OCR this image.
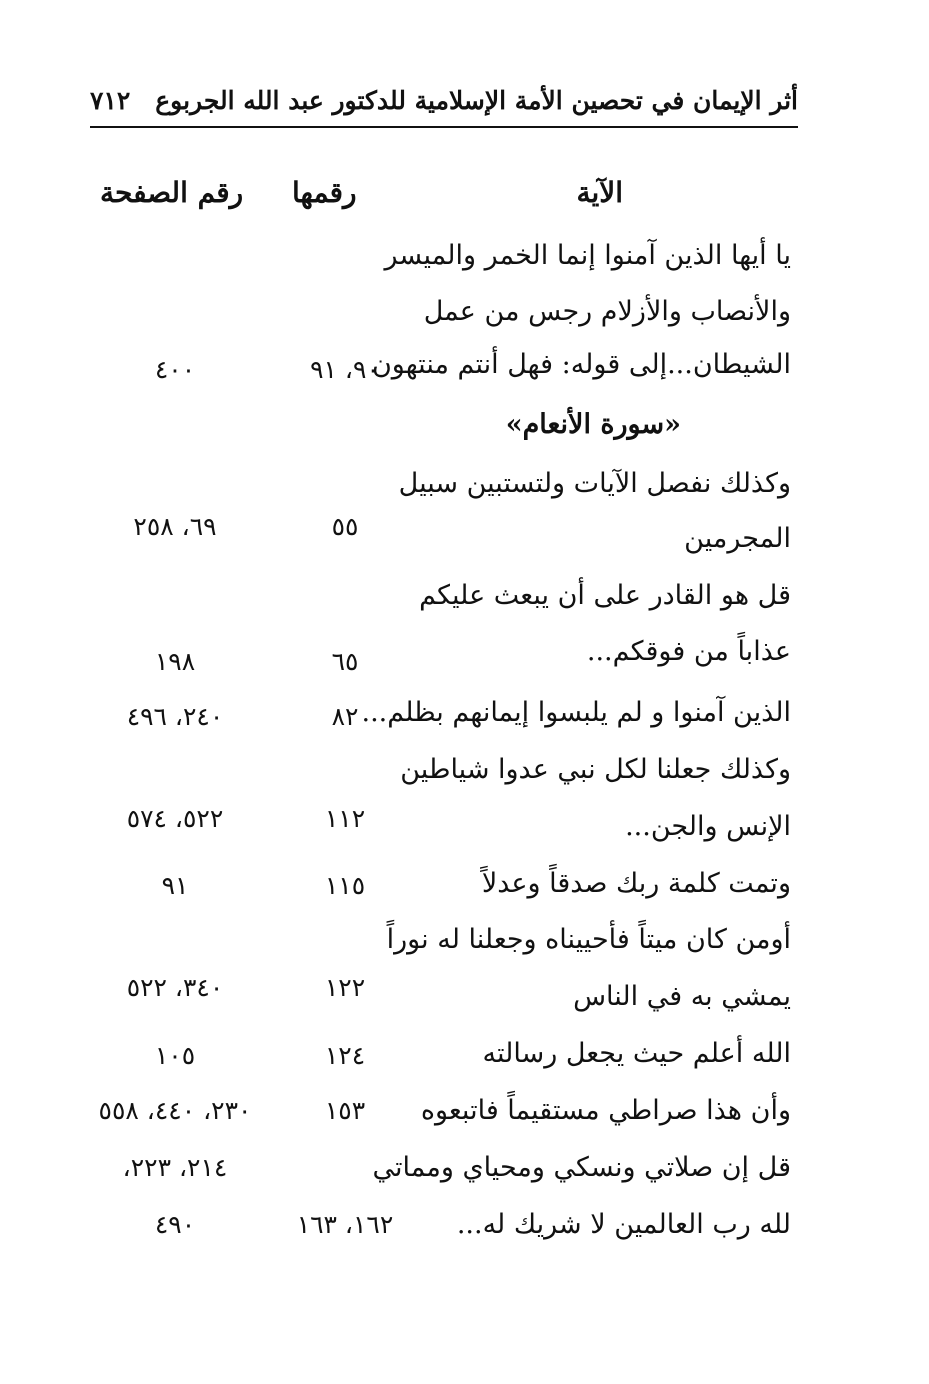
أثر الإيمان في تحصين الأمة الإسلامية للدكتور عبد الله الجربوع
٧١٢
الآية
رقمها
رقم الصفحة
يا أيها الذين آمنوا إنما الخمر والميسر
والأنصاب والأزلام رجس من عمل
الشيطان...إلى قوله: فهل أنتم منتهون
«سورة الأنعام»
وكذلك نفصل الآيات ولتستبين سبيل
المجرمين
قل هو القادر على أن يبعث عليكم
عذاباً من فوقكم...
الذين آمنوا و لم يلبسوا إيمانهم بظلم...
وكذلك جعلنا لكل نبي عدوا شياطين
الإنس والجن...
وتمت كلمة ربك صدقاً وعدلاً
أومن كان ميتاً فأحييناه وجعلنا له نوراً
يمشي به في الناس
الله أعلم حيث يجعل رسالته
وأن هذا صراطي مستقيماً فاتبعوه
قل إن صلاتي ونسكي ومحياي ومماتي
لله رب العالمين لا شريك له...
٩٠، ٩١
٥٥
٦٥
٨٢
١١٢
١١٥
١٢٢
١٢٤
١٥٣
١٦٢، ١٦٣
٤٠٠
٦٩، ٢٥٨
١٩٨
٢٤٠، ٤٩٦
٥٢٢، ٥٧٤
٩١
٣٤٠، ٥٢٢
١٠٥
٢٣٠، ٤٤٠، ٥٥٨
٢١٤، ٢٢٣،
٤٩٠
